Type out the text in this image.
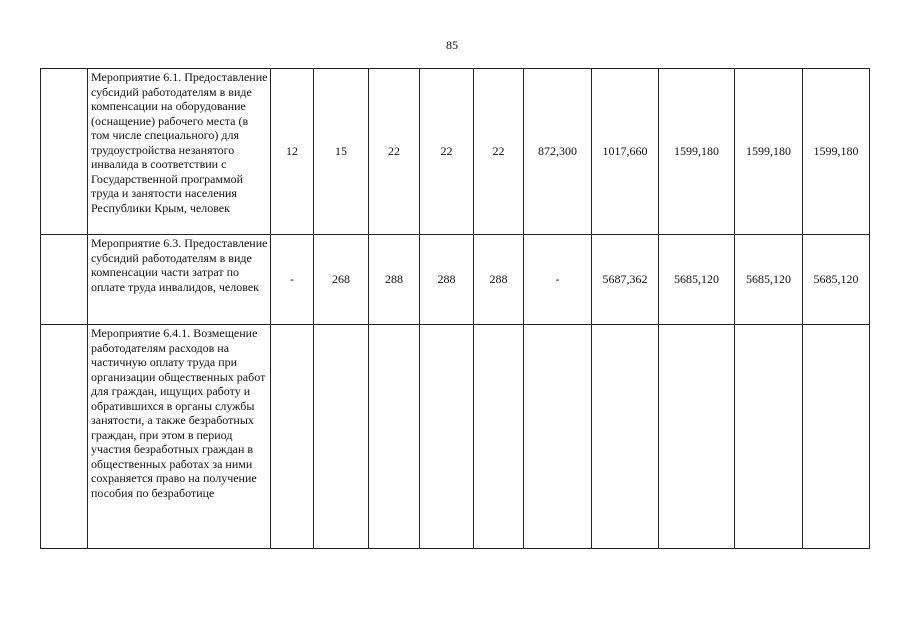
85
	Мероприятие 6.1. Предоставление субсидий работодателям в виде компенсации на оборудование (оснащение) рабочего места (в том числе специального) для трудоустройства незанятого инвалида в соответствии с Государственной программой труда и занятости населения Республики Крым, человек	12	15	22	22	22	872,300	1017,660	1599,180	1599,180	1599,180
	Мероприятие 6.3. Предоставление субсидий работодателям в виде компенсации части затрат по оплате труда инвалидов, человек	-	268	288	288	288	-	5687,362	5685,120	5685,120	5685,120
	Мероприятие 6.4.1. Возмещение работодателям расходов на частичную оплату труда при организации общественных работ для граждан, ищущих работу и обратившихся в органы службы занятости, а также безработных граждан, при этом в период участия безработных граждан в общественных работах за ними сохраняется право на получение пособия по безработице										
